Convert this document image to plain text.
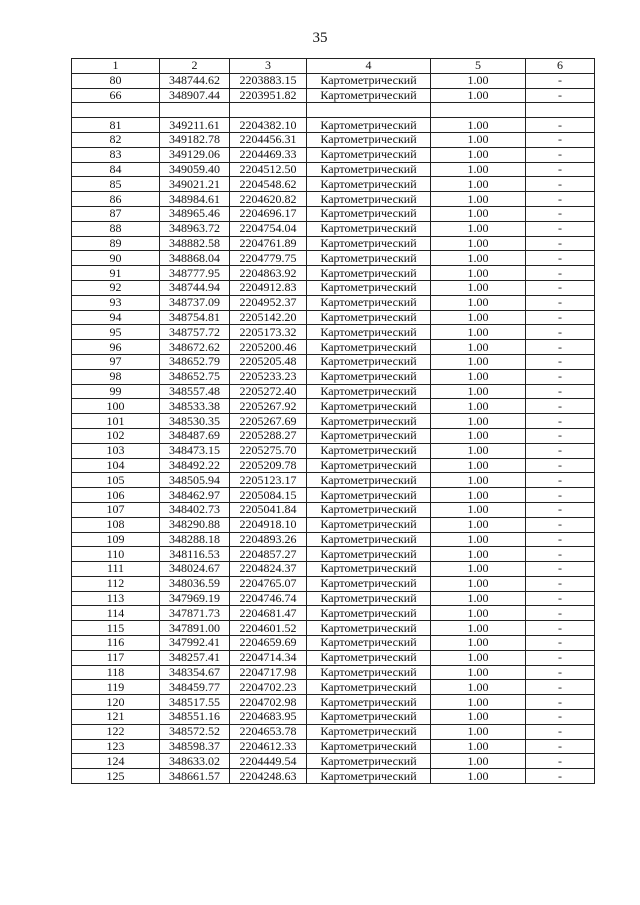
35
1	2	3	4	5	6
80	348744.62	2203883.15	Картометрический	1.00	-
66	348907.44	2203951.82	Картометрический	1.00	-

81	349211.61	2204382.10	Картометрический	1.00	-
82	349182.78	2204456.31	Картометрический	1.00	-
83	349129.06	2204469.33	Картометрический	1.00	-
84	349059.40	2204512.50	Картометрический	1.00	-
85	349021.21	2204548.62	Картометрический	1.00	-
86	348984.61	2204620.82	Картометрический	1.00	-
87	348965.46	2204696.17	Картометрический	1.00	-
88	348963.72	2204754.04	Картометрический	1.00	-
89	348882.58	2204761.89	Картометрический	1.00	-
90	348868.04	2204779.75	Картометрический	1.00	-
91	348777.95	2204863.92	Картометрический	1.00	-
92	348744.94	2204912.83	Картометрический	1.00	-
93	348737.09	2204952.37	Картометрический	1.00	-
94	348754.81	2205142.20	Картометрический	1.00	-
95	348757.72	2205173.32	Картометрический	1.00	-
96	348672.62	2205200.46	Картометрический	1.00	-
97	348652.79	2205205.48	Картометрический	1.00	-
98	348652.75	2205233.23	Картометрический	1.00	-
99	348557.48	2205272.40	Картометрический	1.00	-
100	348533.38	2205267.92	Картометрический	1.00	-
101	348530.35	2205267.69	Картометрический	1.00	-
102	348487.69	2205288.27	Картометрический	1.00	-
103	348473.15	2205275.70	Картометрический	1.00	-
104	348492.22	2205209.78	Картометрический	1.00	-
105	348505.94	2205123.17	Картометрический	1.00	-
106	348462.97	2205084.15	Картометрический	1.00	-
107	348402.73	2205041.84	Картометрический	1.00	-
108	348290.88	2204918.10	Картометрический	1.00	-
109	348288.18	2204893.26	Картометрический	1.00	-
110	348116.53	2204857.27	Картометрический	1.00	-
111	348024.67	2204824.37	Картометрический	1.00	-
112	348036.59	2204765.07	Картометрический	1.00	-
113	347969.19	2204746.74	Картометрический	1.00	-
114	347871.73	2204681.47	Картометрический	1.00	-
115	347891.00	2204601.52	Картометрический	1.00	-
116	347992.41	2204659.69	Картометрический	1.00	-
117	348257.41	2204714.34	Картометрический	1.00	-
118	348354.67	2204717.98	Картометрический	1.00	-
119	348459.77	2204702.23	Картометрический	1.00	-
120	348517.55	2204702.98	Картометрический	1.00	-
121	348551.16	2204683.95	Картометрический	1.00	-
122	348572.52	2204653.78	Картометрический	1.00	-
123	348598.37	2204612.33	Картометрический	1.00	-
124	348633.02	2204449.54	Картометрический	1.00	-
125	348661.57	2204248.63	Картометрический	1.00	-
